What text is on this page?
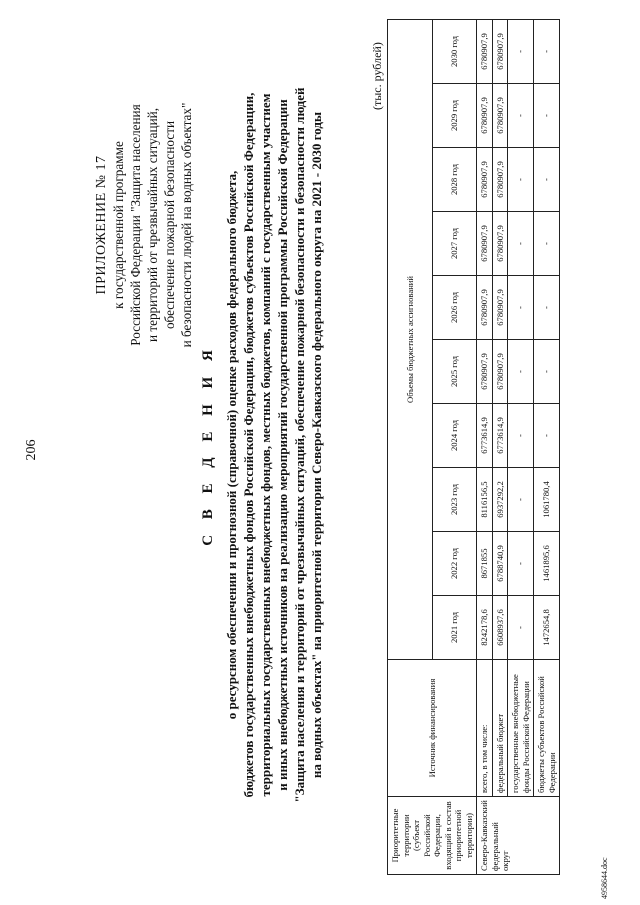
206
ПРИЛОЖЕНИЕ № 17 к государственной программе Российской Федерации "Защита населения и территорий от чрезвычайных ситуаций, обеспечение пожарной безопасности и безопасности людей на водных объектах"
С В Е Д Е Н И Я о ресурсном обеспечении и прогнозной (справочной) оценке расходов федерального бюджета, бюджетов государственных внебюджетных фондов Российской Федерации, бюджетов субъектов Российской Федерации, территориальных государственных внебюджетных фондов, местных бюджетов, компаний с государственным участием и иных внебюджетных источников на реализацию мероприятий государственной программы Российской Федерации "Защита населения и территорий от чрезвычайных ситуаций, обеспечение пожарной безопасности и безопасности людей на водных объектах" на приоритетной территории Северо-Кавказского федерального округа на 2021 - 2030 годы
(тыс. рублей)
Приоритетные территории (субъект Российской Федерации, входящий в состав приоритетной территории)	Источник финансирования	Объемы бюджетных ассигнований									
		2021 год	2022 год	2023 год	2024 год	2025 год	2026 год	2027 год	2028 год	2029 год	2030 год
Северо-Кавказский федеральный округ	всего, в том числе:	8242178,6	8671855	8116156,5	6773614,9	6780907,9	6780907,9	6780907,9	6780907,9	6780907,9	6780907,9
	федеральный бюджет	6608937,6	6788740,9	6937292,2	6773614,9	6780907,9	6780907,9	6780907,9	6780907,9	6780907,9	6780907,9
	государственные внебюджетные фонды Российской Федерации	-	-	-	-	-	-	-	-	-	-
	бюджеты субъектов Российской Федерации	1472654,8	1461895,6	1061780,4	-	-	-	-	-	-	-
4958644.doc
